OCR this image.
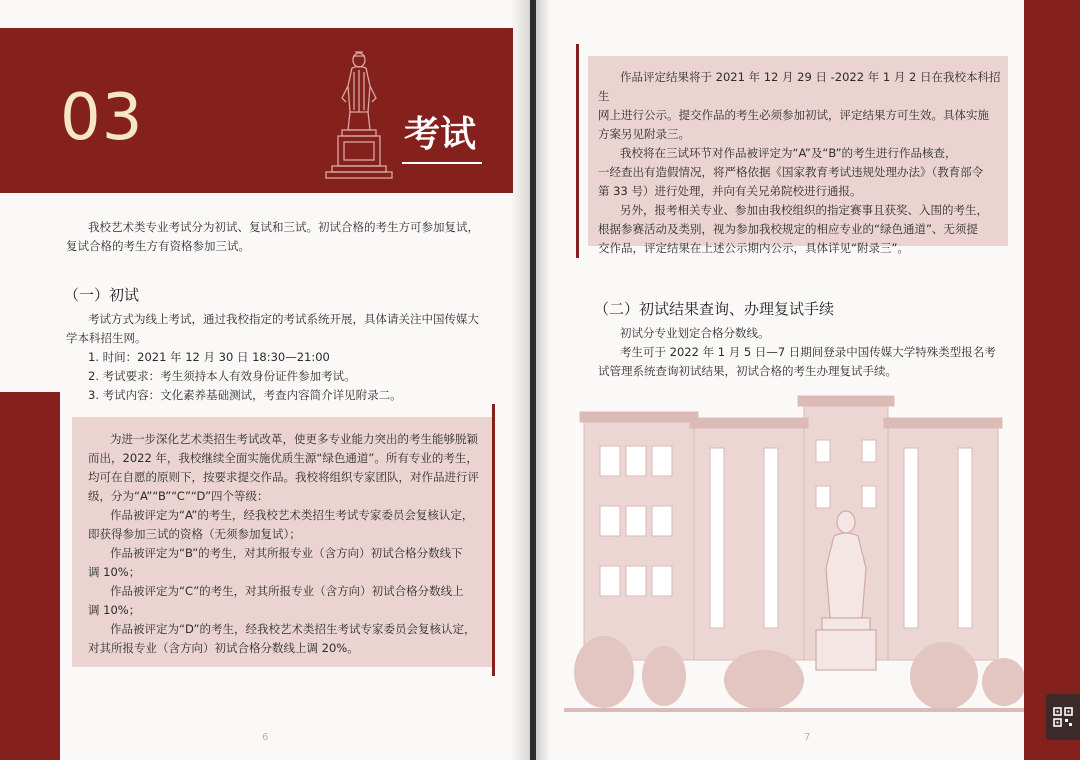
03	考试

我校艺术类专业考试分为初试、复试和三试。初试合格的考生方可参加复试，

复试合格的考生方有资格参加三试。

（一）初试

考试方式为线上考试，通过我校指定的考试系统开展，具体请关注中国传媒大

学本科招生网。

1. 时间：2021 年 12 月 30 日 18:30—21:00

2. 考试要求：考生须持本人有效身份证件参加考试。

3. 考试内容：文化素养基础测试，考查内容简介详见附录二。

为进一步深化艺术类招生考试改革，使更多专业能力突出的考生能够脱颖

而出，2022 年，我校继续全面实施优质生源“绿色通道”。所有专业的考生，

均可在自愿的原则下，按要求提交作品。我校将组织专家团队，对作品进行评

级，分为“A”“B”“C”“D”四个等级：

作品被评定为“A”的考生，经我校艺术类招生考试专家委员会复核认定，

即获得参加三试的资格（无须参加复试）；

作品被评定为“B”的考生，对其所报专业（含方向）初试合格分数线下

调 10%；

作品被评定为“C”的考生，对其所报专业（含方向）初试合格分数线上

调 10%；

作品被评定为“D”的考生，经我校艺术类招生考试专家委员会复核认定，

对其所报专业（含方向）初试合格分数线上调 20%。

6

作品评定结果将于 2021 年 12 月 29 日 -2022 年 1 月 2 日在我校本科招生

网上进行公示。提交作品的考生必须参加初试，评定结果方可生效。具体实施

方案另见附录三。

我校将在三试环节对作品被评定为“A”及“B”的考生进行作品核查，

一经查出有造假情况，将严格依据《国家教育考试违规处理办法》（教育部令

第 33 号）进行处理，并向有关兄弟院校进行通报。

另外，报考相关专业、参加由我校组织的指定赛事且获奖、入围的考生，

根据参赛活动及类别，视为参加我校规定的相应专业的“绿色通道”、无须提

交作品，评定结果在上述公示期内公示，具体详见“附录三”。

（二）初试结果查询、办理复试手续

初试分专业划定合格分数线。

考生可于 2022 年 1 月 5 日—7 日期间登录中国传媒大学特殊类型报名考

试管理系统查询初试结果，初试合格的考生办理复试手续。

7
